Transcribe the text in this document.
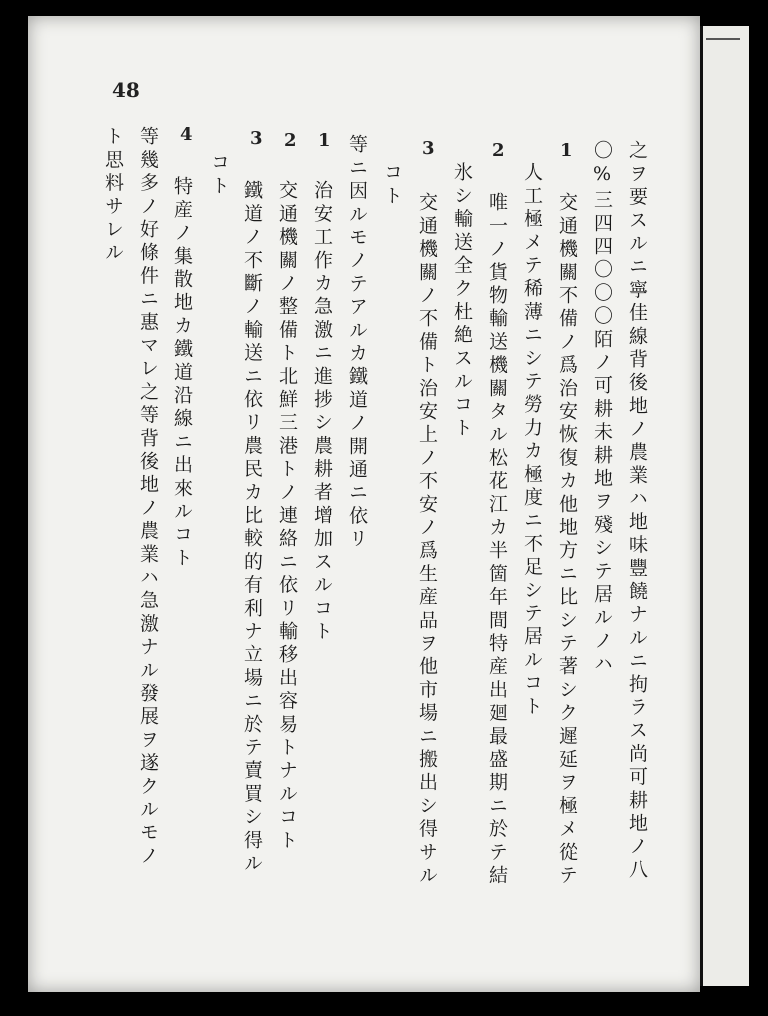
48
之ヲ要スルニ寧佳線背後地ノ農業ハ地味豐饒ナルニ拘ラス尚可耕地ノ八
〇%三四四〇〇〇陌ノ可耕未耕地ヲ殘シテ居ルノハ
1
交通機關不備ノ爲治安恢復カ他地方ニ比シテ著シク遲延ヲ極メ從テ
人工極メテ稀薄ニシテ勞力カ極度ニ不足シテ居ルコト
2
唯一ノ貨物輸送機關タル松花江カ半箇年間特産出廻最盛期ニ於テ結
氷シ輸送全ク杜絶スルコト
3
交通機關ノ不備ト治安上ノ不安ノ爲生産品ヲ他市場ニ搬出シ得サル
コト
等ニ因ルモノテアルカ鐵道ノ開通ニ依リ
1
治安工作カ急激ニ進捗シ農耕者增加スルコト
2
交通機關ノ整備ト北鮮三港トノ連絡ニ依リ輸移出容易トナルコト
3
鐵道ノ不斷ノ輸送ニ依リ農民カ比較的有利ナ立場ニ於テ賣買シ得ル
コト
4
特産ノ集散地カ鐵道沿線ニ出來ルコト
等幾多ノ好條件ニ惠マレ之等背後地ノ農業ハ急激ナル發展ヲ遂クルモノ
ト思料サレル
